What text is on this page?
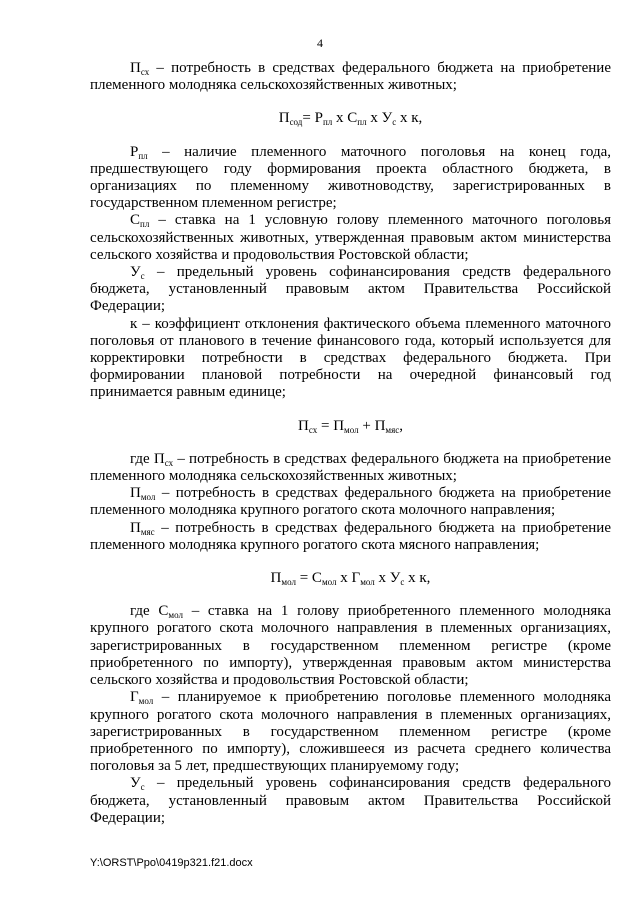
4

$П_{сх}$ – потребность в средствах федерального бюджета на приобретение племенного молодняка сельскохозяйственных животных;

$П_{сод}= Р_{пл}$ х $С_{пл}$ х $У_с$ х к,

$Р_{пл}$ – наличие племенного маточного поголовья на конец года, предшествующего году формирования проекта областного бюджета, в организациях по племенному животноводству, зарегистрированных в государственном племенном регистре;

$С_{пл}$ – ставка на 1 условную голову племенного маточного поголовья сельскохозяйственных животных, утвержденная правовым актом министерства сельского хозяйства и продовольствия Ростовской области;

$У_с$ – предельный уровень софинансирования средств федерального бюджета, установленный правовым актом Правительства Российской Федерации;

к – коэффициент отклонения фактического объема племенного маточного поголовья от планового в течение финансового года, который используется для корректировки потребности в средствах федерального бюджета. При формировании плановой потребности на очередной финансовый год принимается равным единице;

$П_{сх} = П_{мол} + П_{мяс}$,

где $П_{сх}$ – потребность в средствах федерального бюджета на приобретение племенного молодняка сельскохозяйственных животных;

$П_{мол}$ – потребность в средствах федерального бюджета на приобретение племенного молодняка крупного рогатого скота молочного направления;

$П_{мяс}$ – потребность в средствах федерального бюджета на приобретение племенного молодняка крупного рогатого скота мясного направления;

$П_{мол} = С_{мол}$ х $Г_{мол}$ х $У_с$ х к,

где $С_{мол}$ – ставка на 1 голову приобретенного племенного молодняка крупного рогатого скота молочного направления в племенных организациях, зарегистрированных в государственном племенном регистре (кроме приобретенного по импорту), утвержденная правовым актом министерства сельского хозяйства и продовольствия Ростовской области;

$Г_{мол}$ – планируемое к приобретению поголовье племенного молодняка крупного рогатого скота молочного направления в племенных организациях, зарегистрированных в государственном племенном регистре (кроме приобретенного по импорту), сложившееся из расчета среднего количества поголовья за 5 лет, предшествующих планируемому году;

$У_с$ – предельный уровень софинансирования средств федерального бюджета, установленный правовым актом Правительства Российской Федерации;

Y:\ORST\Ppo\0419p321.f21.docx
